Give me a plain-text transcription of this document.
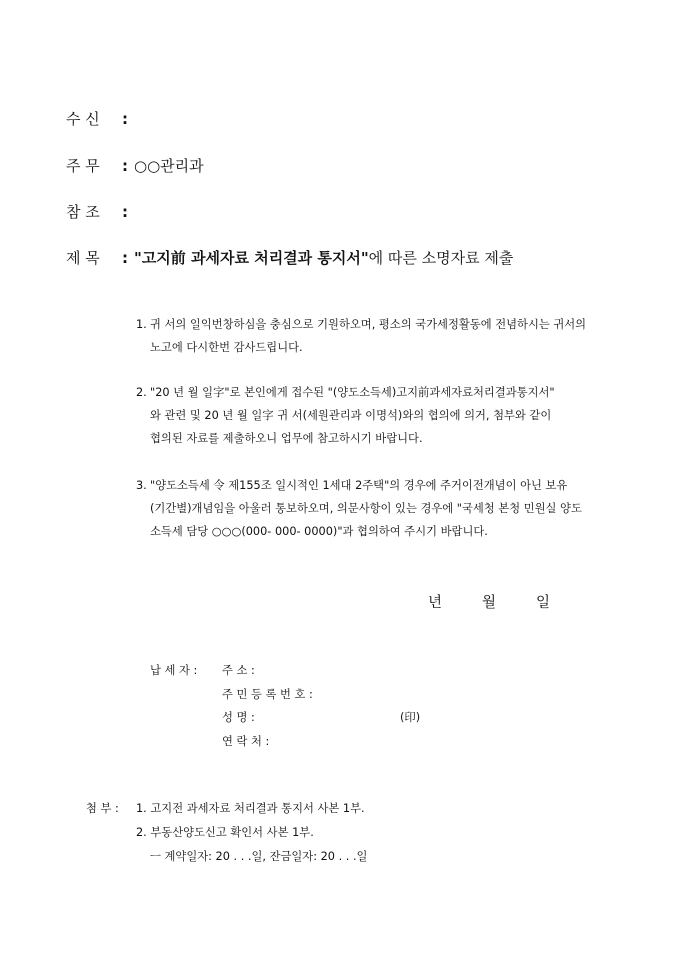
수 신 :
주 무 : ○○관리과
참 조 :
제 목 : "고지前 과세자료 처리결과 통지서"에 따른 소명자료 제출
1. 귀 서의 일익번창하심을 충심으로 기원하오며, 평소의 국가세정활동에 전념하시는 귀서의
노고에 다시한번 감사드립니다.
2. "20 년 월 일字"로 본인에게 접수된 "(양도소득세)고지前과세자료처리결과통지서"
와 관련 및 20 년 월 일字 귀 서(세원관리과 이명석)와의 협의에 의거, 첨부와 같이
협의된 자료를 제출하오니 업무에 참고하시기 바랍니다.
3. "양도소득세 令 제155조 일시적인 1세대 2주택"의 경우에 주거이전개념이 아닌 보유
(기간별)개념임을 아울러 통보하오며, 의문사항이 있는 경우에 "국세청 본청 민원실 양도
소득세 담당 ○○○(000- 000- 0000)"과 협의하여 주시기 바랍니다.
년	월	일
납 세 자 : 주 소 :
주 민 등 록 번 호 :
성 명 :	(印)
연 락 처 :
첨 부 : 1. 고지전 과세자료 처리결과 통지서 사본 1부.
2. 부동산양도신고 확인서 사본 1부.
ㅡ 계약일자: 20 . . .일, 잔금일자: 20 . . .일
